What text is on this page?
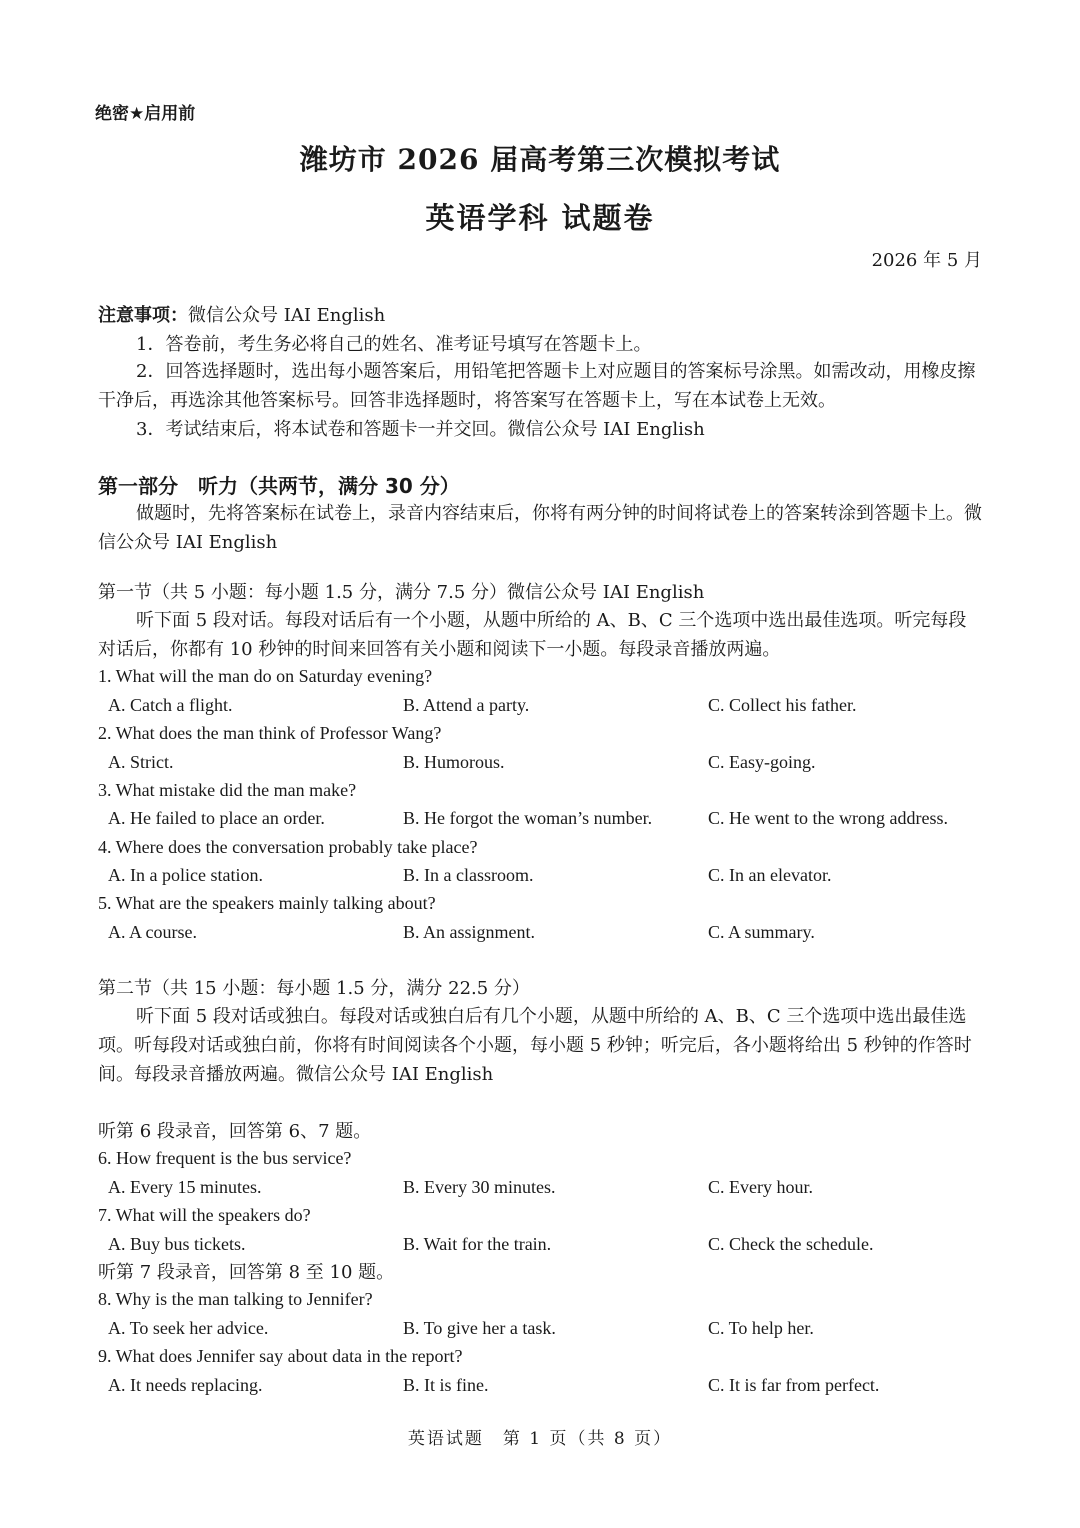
绝密★启用前
潍坊市 2026 届高考第三次模拟考试
英语学科 试题卷
2026 年 5 月
注意事项：微信公众号 IAI English
1．答卷前，考生务必将自己的姓名、准考证号填写在答题卡上。
2．回答选择题时，选出每小题答案后，用铅笔把答题卡上对应题目的答案标号涂黑。如需改动，用橡皮擦干净后，再选涂其他答案标号。回答非选择题时，将答案写在答题卡上，写在本试卷上无效。
3．考试结束后，将本试卷和答题卡一并交回。微信公众号 IAI English
第一部分　听力（共两节，满分 30 分）
做题时，先将答案标在试卷上，录音内容结束后，你将有两分钟的时间将试卷上的答案转涂到答题卡上。微信公众号 IAI English
第一节（共 5 小题：每小题 1.5 分，满分 7.5 分）微信公众号 IAI English
听下面 5 段对话。每段对话后有一个小题，从题中所给的 A、B、C 三个选项中选出最佳选项。听完每段对话后，你都有 10 秒钟的时间来回答有关小题和阅读下一小题。每段录音播放两遍。
1. What will the man do on Saturday evening?
A. Catch a flight.	B. Attend a party.	C. Collect his father.
2. What does the man think of Professor Wang?
A. Strict.	B. Humorous.	C. Easy-going.
3. What mistake did the man make?
A. He failed to place an order.	B. He forgot the woman’s number.	C. He went to the wrong address.
4. Where does the conversation probably take place?
A. In a police station.	B. In a classroom.	C. In an elevator.
5. What are the speakers mainly talking about?
A. A course.	B. An assignment.	C. A summary.
第二节（共 15 小题：每小题 1.5 分，满分 22.5 分）
听下面 5 段对话或独白。每段对话或独白后有几个小题，从题中所给的 A、B、C 三个选项中选出最佳选项。听每段对话或独白前，你将有时间阅读各个小题，每小题 5 秒钟；听完后，各小题将给出 5 秒钟的作答时间。每段录音播放两遍。微信公众号 IAI English
听第 6 段录音，回答第 6、7 题。
6. How frequent is the bus service?
A. Every 15 minutes.	B. Every 30 minutes.	C. Every hour.
7. What will the speakers do?
A. Buy bus tickets.	B. Wait for the train.	C. Check the schedule.
听第 7 段录音，回答第 8 至 10 题。
8. Why is the man talking to Jennifer?
A. To seek her advice.	B. To give her a task.	C. To help her.
9. What does Jennifer say about data in the report?
A. It needs replacing.	B. It is fine.	C. It is far from perfect.
英语试题　第 1 页（共 8 页）
